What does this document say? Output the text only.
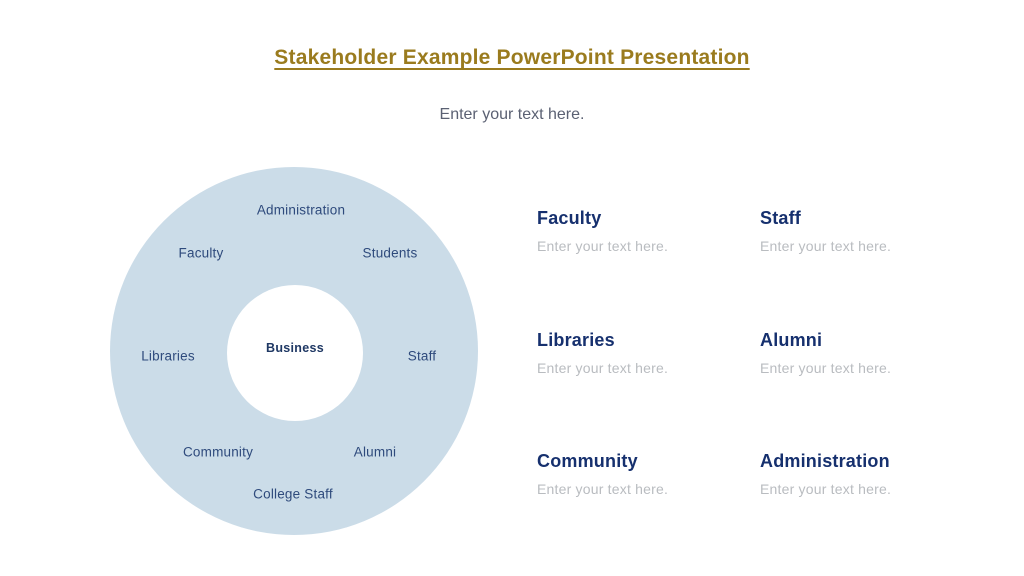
Stakeholder Example PowerPoint Presentation
Enter your text here.
Administration
Faculty	Students
Libraries	Staff
Community	Alumni
College Staff
Business
Faculty
Enter your text here.
Staff
Enter your text here.
Libraries
Enter your text here.
Alumni
Enter your text here.
Community
Enter your text here.
Administration
Enter your text here.
